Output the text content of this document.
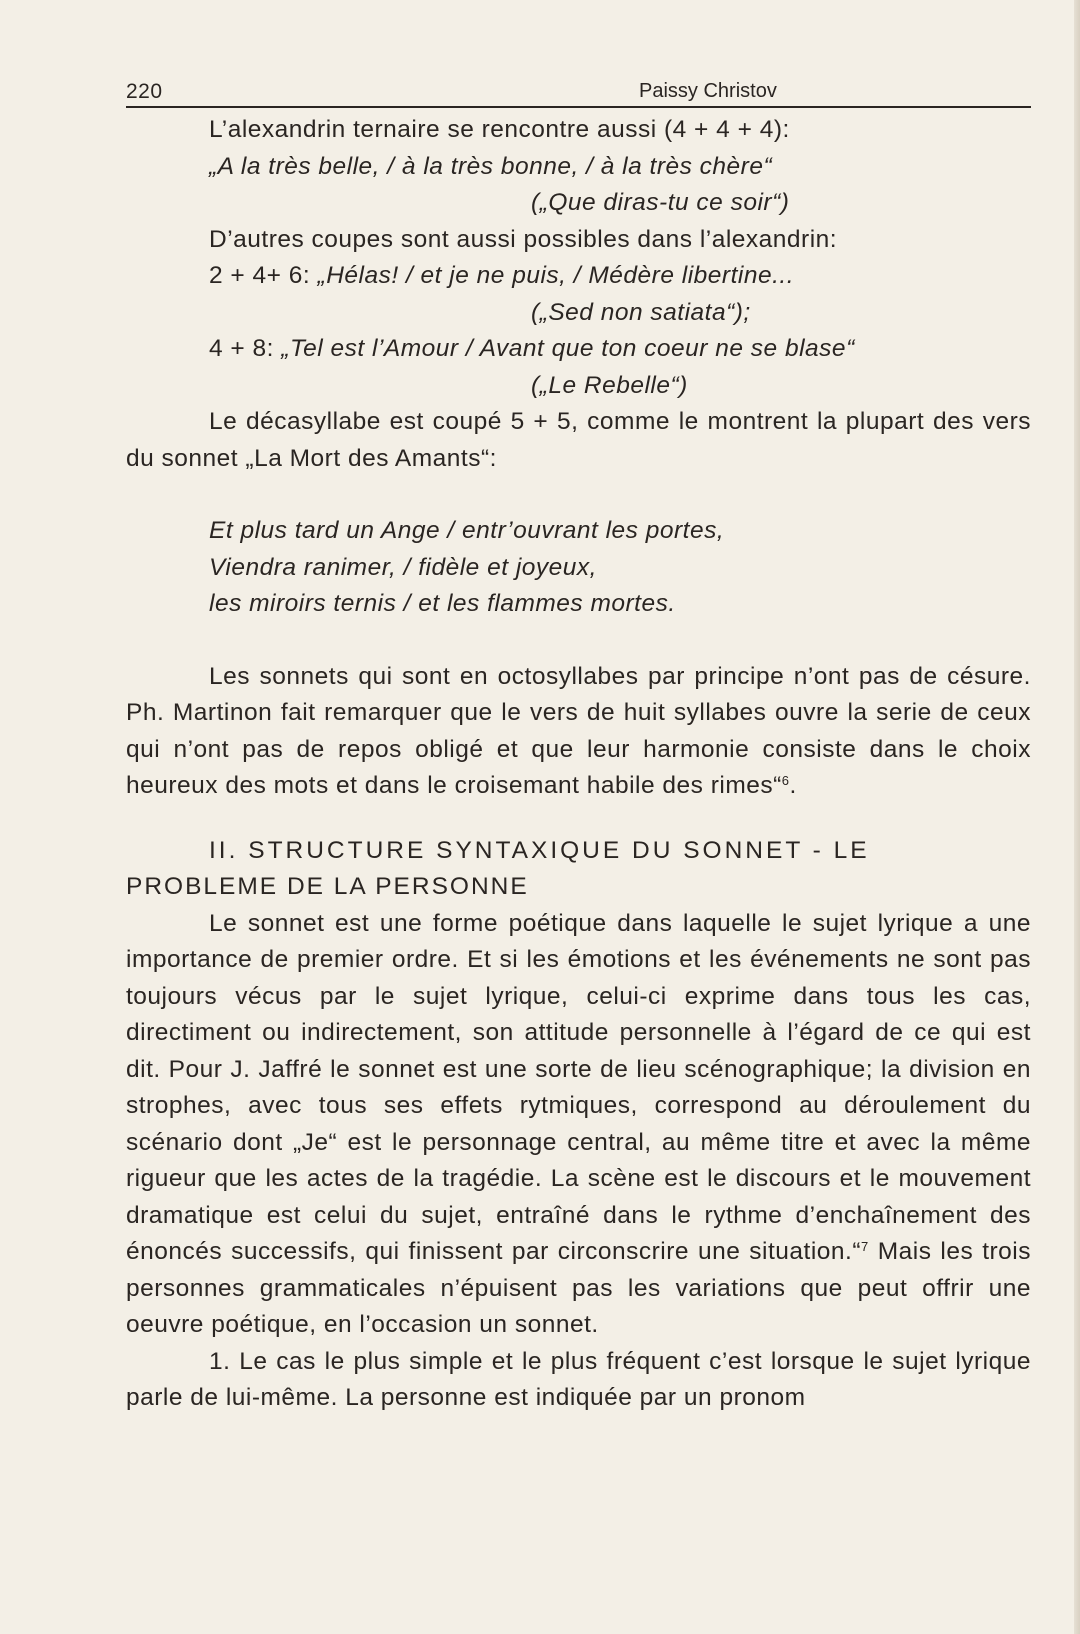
220	Paissy Christov

L’alexandrin ternaire se rencontre aussi (4 + 4 + 4):

„A la très belle, / à la très bonne, / à la très chère“

(„Que diras-tu ce soir“)

D’autres coupes sont aussi possibles dans l’alexandrin:

2 + 4+ 6: „Hélas! / et je ne puis, / Médère libertine...

(„Sed non satiata“);

4 + 8: „Tel est l’Amour / Avant que ton coeur ne se blase“

(„Le Rebelle“)

Le décasyllabe est coupé 5 + 5, comme le montrent la plupart des vers du sonnet „La Mort des Amants“:

Et plus tard un Ange / entr’ouvrant les portes,

Viendra ranimer, / fidèle et joyeux,

les miroirs ternis / et les flammes mortes.

Les sonnets qui sont en octosyllabes par principe n’ont pas de césure. Ph. Martinon fait remarquer que le vers de huit syllabes ouvre la serie de ceux qui n’ont pas de repos obligé et que leur harmonie consiste dans le choix heureux des mots et dans le croisemant habile des rimes“$^6$.

II. STRUCTURE SYNTAXIQUE DU SONNET - LE

PROBLEME DE LA PERSONNE

Le sonnet est une forme poétique dans laquelle le sujet lyrique a une importance de premier ordre. Et si les émotions et les événements ne sont pas toujours vécus par le sujet lyrique, celui-ci exprime dans tous les cas, directiment ou indirectement, son attitude personnelle à l’égard de ce qui est dit. Pour J. Jaffré le sonnet est une sorte de lieu scénographique; la division en strophes, avec tous ses effets rytmiques, correspond au déroulement du scénario dont „Je“ est le personnage central, au même titre et avec la même rigueur que les actes de la tragédie. La scène est le discours et le mouvement dramatique est celui du sujet, entraîné dans le rythme d’enchaînement des énoncés successifs, qui finissent par circonscrire une situation.“$^7$ Mais les trois personnes grammaticales n’épuisent pas les variations que peut offrir une oeuvre poétique, en l’occasion un sonnet.

1. Le cas le plus simple et le plus fréquent c’est lorsque le sujet lyrique parle de lui-même. La personne est indiquée par un pronom
